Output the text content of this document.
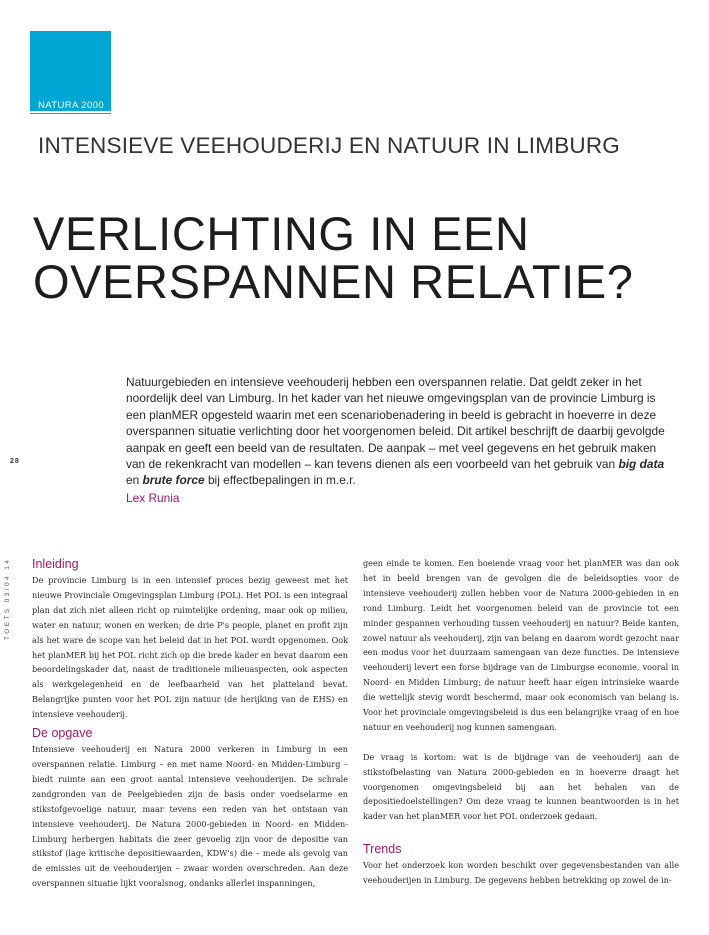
NATURA 2000
INTENSIEVE VEEHOUDERIJ EN NATUUR IN LIMBURG
VERLICHTING IN EEN
OVERSPANNEN RELATIE?

Natuurgebieden en intensieve veehouderij hebben een overspannen relatie. Dat geldt zeker in het noordelijk deel van Limburg. In het kader van het nieuwe omgevingsplan van de provincie Limburg is een planMER opgesteld waarin met een scenariobenadering in beeld is gebracht in hoeverre in deze overspannen situatie verlichting door het voorgenomen beleid. Dit artikel beschrijft de daarbij gevolgde aanpak en geeft een beeld van de resultaten. De aanpak – met veel gegevens en het gebruik maken van de rekenkracht van modellen – kan tevens dienen als een voorbeeld van het gebruik van big data en brute force bij effectbepalingen in m.e.r.

Lex Runia
28
TOETS 03/04 14 Inleiding

De provincie Limburg is in een intensief proces bezig geweest met het nieuwe Provinciale Omgevingsplan Limburg (POL). Het POL is een integraal plan dat zich niet alleen richt op ruimtelijke ordening, maar ook op milieu, water en natuur, wonen en werken; de drie P's people, planet en profit zijn als het ware de scope van het beleid dat in het POL wordt opgenomen. Ook het planMER bij het POL richt zich op die brede kader en bevat daarom een beoordelingskader dat, naast de traditionele milieuaspecten, ook aspecten als werkgelegenheid en de leefbaarheid van het platteland bevat. Belangrijke punten voor het POL zijn natuur (de herijking van de EHS) en intensieve veehouderij.

De opgave

Intensieve veehouderij en Natura 2000 verkeren in Limburg in een overspannen relatie. Limburg – en met name Noord- en Midden-Limburg – biedt ruimte aan een groot aantal intensieve veehouderijen. De schrale zandgronden van de Peelgebieden zijn de basis onder voedselarme en stikstofgevoelige natuur, maar tevens een reden van het ontstaan van intensieve veehouderij. De Natura 2000-gebieden in Noord- en Midden-Limburg herbergen habitats die zeer gevoelig zijn voor de depositie van stikstof (lage kritische depositiewaarden, KDW's) die – mede als gevolg van de emissies uit de veehouderijen – zwaar worden overschreden. Aan deze overspannen situatie lijkt vooralsnog, ondanks allerlei inspanningen,

geen einde te komen. Een boeiende vraag voor het planMER was dan ook het in beeld brengen van de gevolgen die de beleidsopties voor de intensieve veehouderij zullen hebben voor de Natura 2000-gebieden in en rond Limburg. Leidt het voorgenomen beleid van de provincie tot een minder gespannen verhouding tussen veehouderij en natuur? Beide kanten, zowel natuur als veehouderij, zijn van belang en daarom wordt gezocht naar een modus voor het duurzaam samengaan van deze functies. De intensieve veehouderij levert een forse bijdrage van de Limburgse economie, vooral in Noord- en Midden Limburg; de natuur heeft haar eigen intrinsieke waarde die wettelijk stevig wordt beschermd, maar ook economisch van belang is. Voor het provinciale omgevingsbeleid is dus een belangrijke vraag of en hoe natuur en veehouderij nog kunnen samengaan.

De vraag is kortom: wat is de bijdrage van de veehouderij aan de stikstofbelasting van Natura 2000-gebieden en in hoeverre draagt het voorgenomen omgevingsbeleid bij aan het behalen van de depositiedoelstellingen? Om deze vraag te kunnen beantwoorden is in het kader van het planMER voor het POL onderzoek gedaan.

Trends

Voor het onderzoek kon worden beschikt over gegevensbestanden van alle veehouderijen in Limburg. De gegevens hebben betrekking op zowel de in-
